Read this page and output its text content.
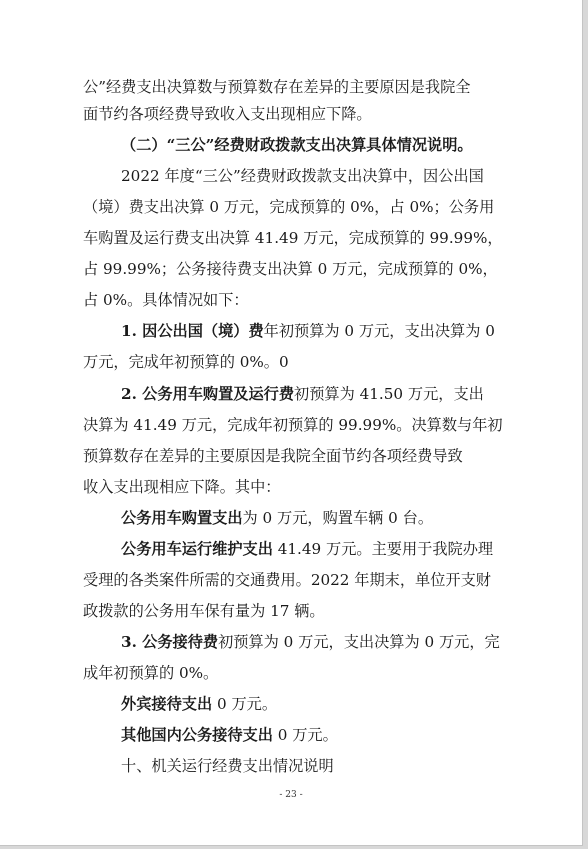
公”经费支出决算数与预算数存在差异的主要原因是我院全
面节约各项经费导致收入支出现相应下降。
（二）“三公”经费财政拨款支出决算具体情况说明。
2022 年度“三公”经费财政拨款支出决算中，因公出国
（境）费支出决算 0 万元，完成预算的 0%，占 0%；公务用
车购置及运行费支出决算 41.49 万元，完成预算的 99.99%，
占 99.99%；公务接待费支出决算 0 万元，完成预算的 0%，
占 0%。具体情况如下：
1. 因公出国（境）费年初预算为 0 万元，支出决算为 0
万元，完成年初预算的 0%。0
2. 公务用车购置及运行费初预算为 41.50 万元，支出
决算为 41.49 万元，完成年初预算的 99.99%。决算数与年初
预算数存在差异的主要原因是我院全面节约各项经费导致
收入支出现相应下降。其中：
公务用车购置支出为 0 万元，购置车辆 0 台。
公务用车运行维护支出 41.49 万元。主要用于我院办理
受理的各类案件所需的交通费用。2022 年期末，单位开支财
政拨款的公务用车保有量为 17 辆。
3. 公务接待费初预算为 0 万元，支出决算为 0 万元，完
成年初预算的 0%。
外宾接待支出 0 万元。
其他国内公务接待支出 0 万元。
十、机关运行经费支出情况说明
- 23 -
